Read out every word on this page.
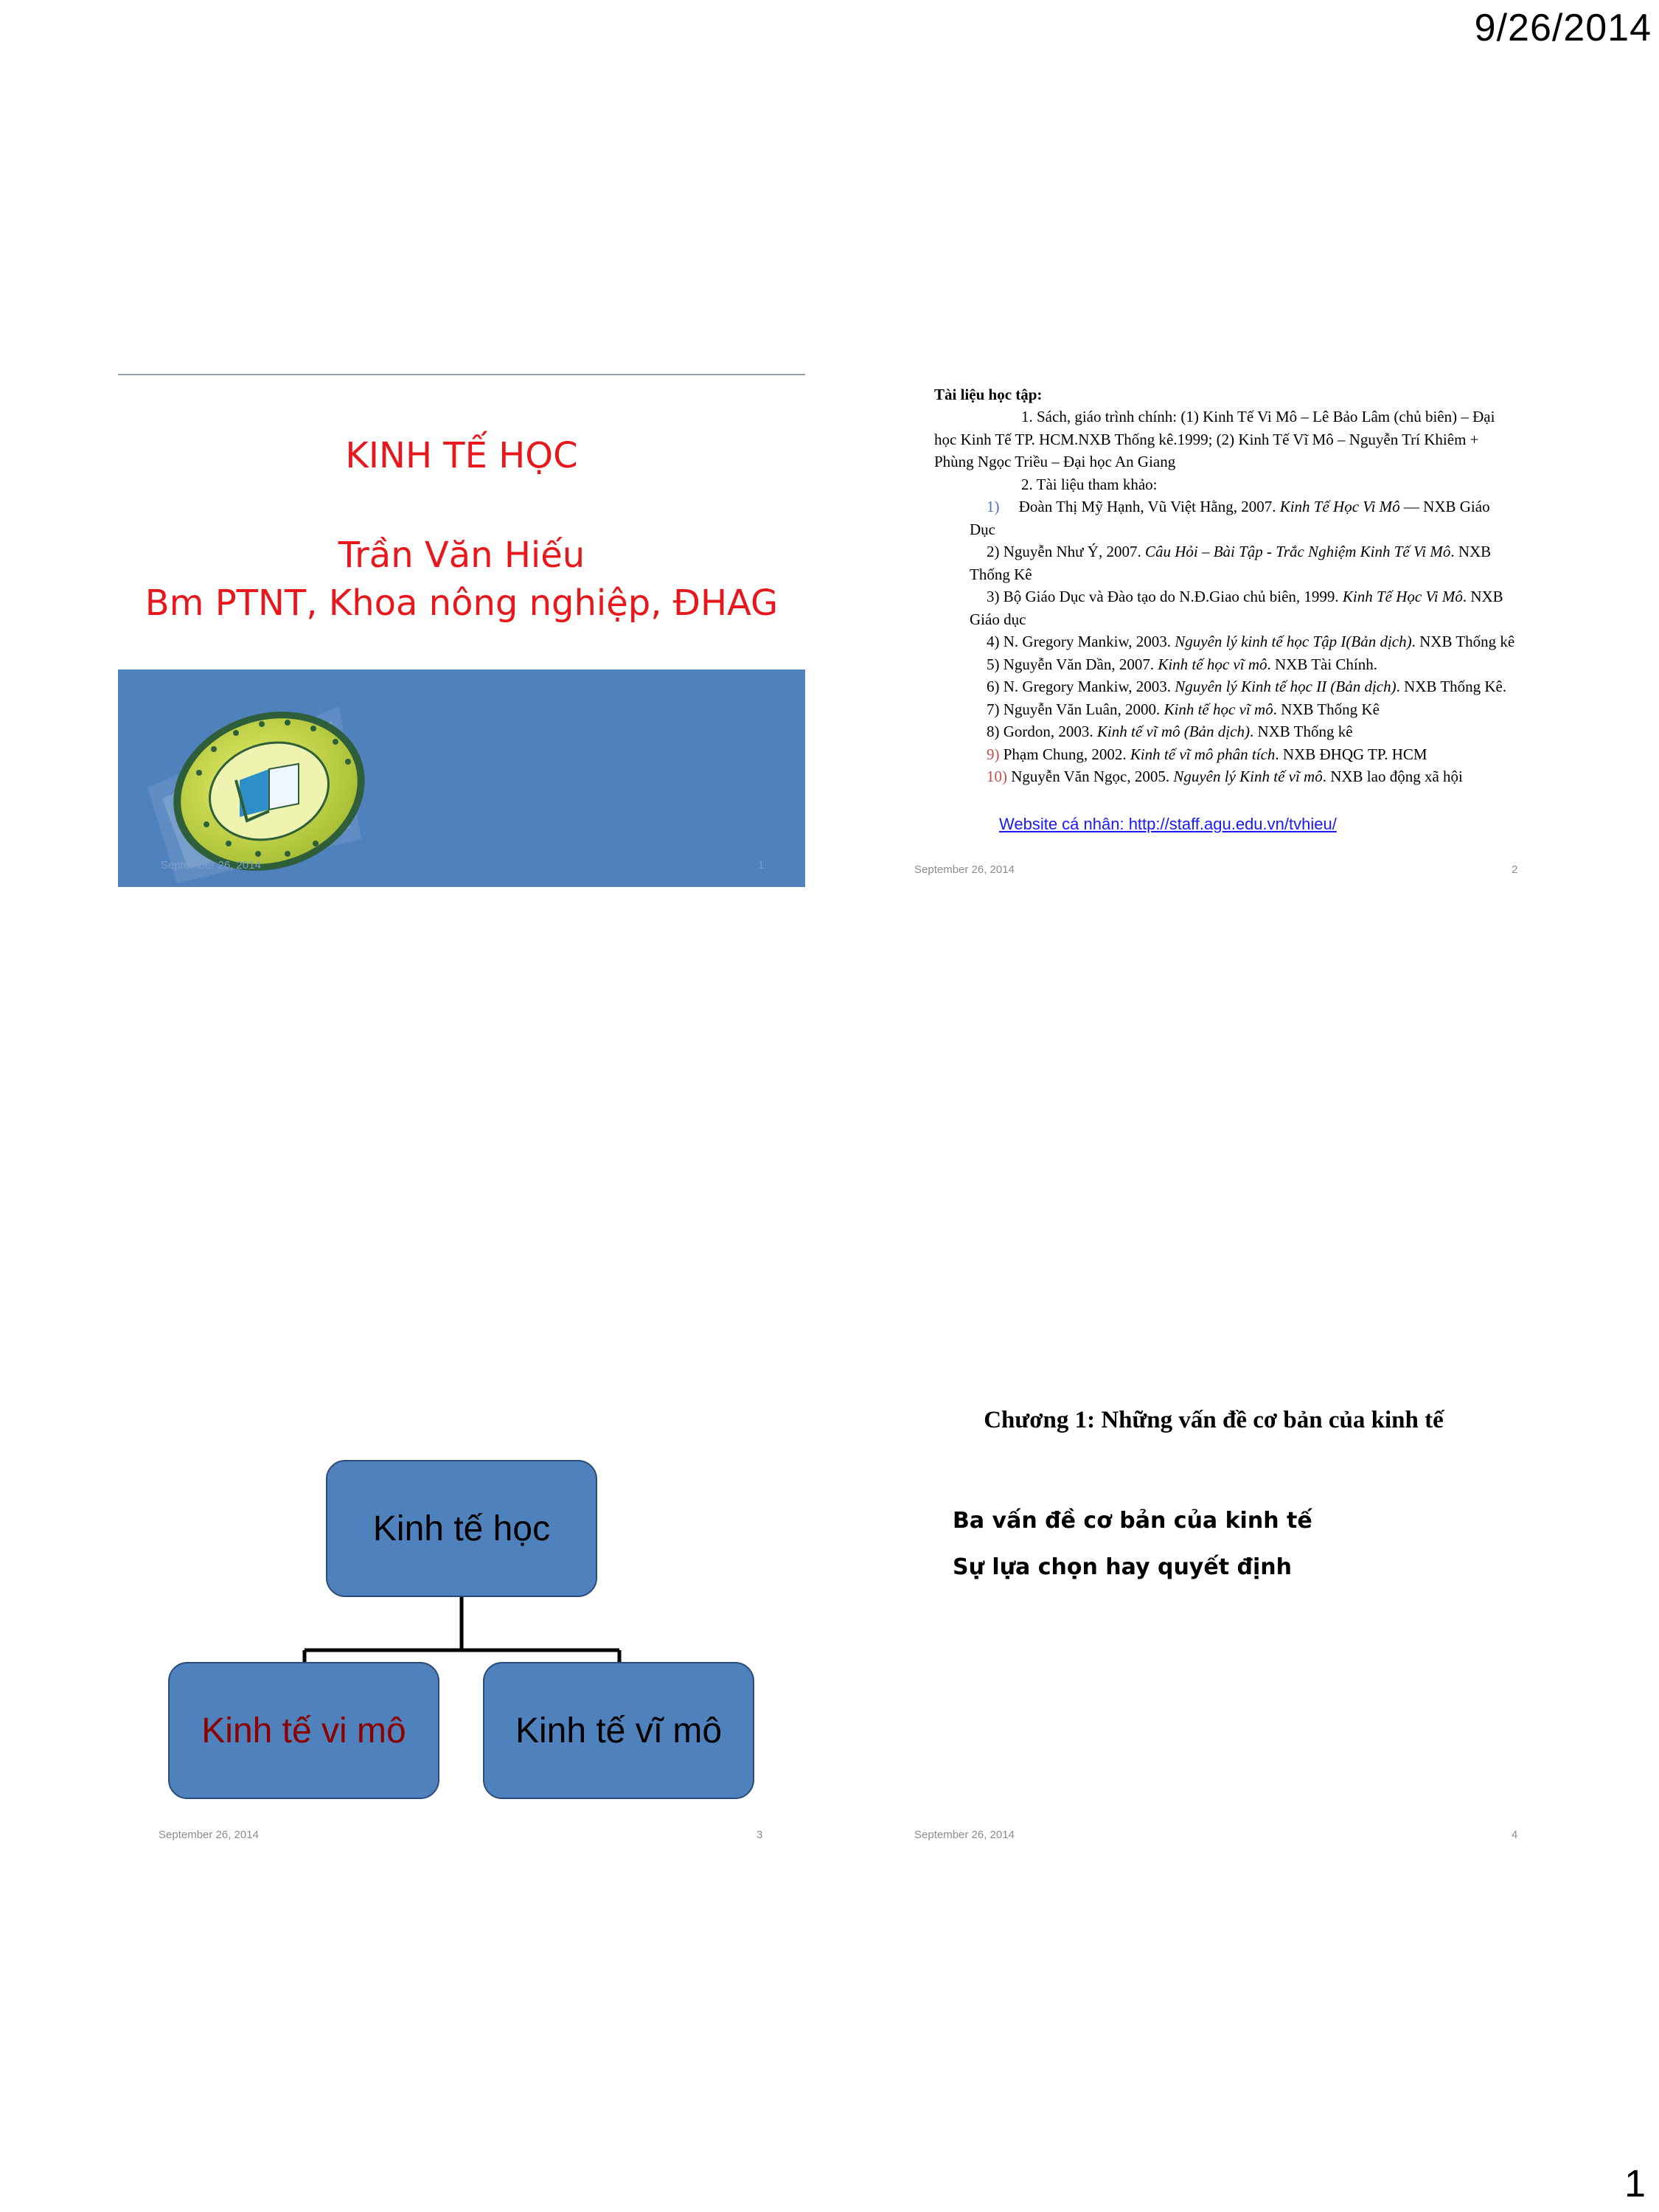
9/26/2014
1
KINH TẾ HỌC
Trần Văn Hiếu
Bm PTNT, Khoa nông nghiệp, ĐHAG
September 26, 2014	1
Tài liệu học tập:
1. Sách, giáo trình chính: (1) Kinh Tế Vi Mô – Lê Bảo Lâm (chủ biên) – Đại
học Kinh Tế TP. HCM.NXB Thống kê.1999; (2) Kinh Tế Vĩ Mô – Nguyễn Trí Khiêm +
Phùng Ngọc Triều – Đại học An Giang
2. Tài liệu tham khảo:
1) Đoàn Thị Mỹ Hạnh, Vũ Việt Hằng, 2007. Kinh Tế Học Vi Mô — NXB Giáo
Dục
2) Nguyễn Như Ý, 2007. Câu Hỏi – Bài Tập - Trắc Nghiệm Kinh Tế Vi Mô. NXB
Thống Kê
3) Bộ Giáo Dục và Đào tạo do N.Đ.Giao chủ biên, 1999. Kinh Tế Học Vi Mô. NXB
Giáo dục
4) N. Gregory Mankiw, 2003. Nguyên lý kinh tế học Tập I(Bản dịch). NXB Thống kê
5) Nguyễn Văn Dần, 2007. Kinh tế học vĩ mô. NXB Tài Chính.
6) N. Gregory Mankiw, 2003. Nguyên lý Kinh tế học II (Bản dịch). NXB Thống Kê.
7) Nguyễn Văn Luân, 2000. Kinh tế học vĩ mô. NXB Thống Kê
8) Gordon, 2003. Kinh tế vĩ mô (Bản dịch). NXB Thống kê
9) Phạm Chung, 2002. Kinh tế vĩ mô phân tích. NXB ĐHQG TP. HCM
10) Nguyễn Văn Ngọc, 2005. Nguyên lý Kinh tế vĩ mô. NXB lao động xã hội
Website cá nhân: http://staff.agu.edu.vn/tvhieu/
September 26, 2014	2
Kinh tế học
Kinh tế vi mô	Kinh tế vĩ mô
September 26, 2014	3
Chương 1: Những vấn đề cơ bản của kinh tế
Ba vấn đề cơ bản của kinh tế
Sự lựa chọn hay quyết định
September 26, 2014	4
